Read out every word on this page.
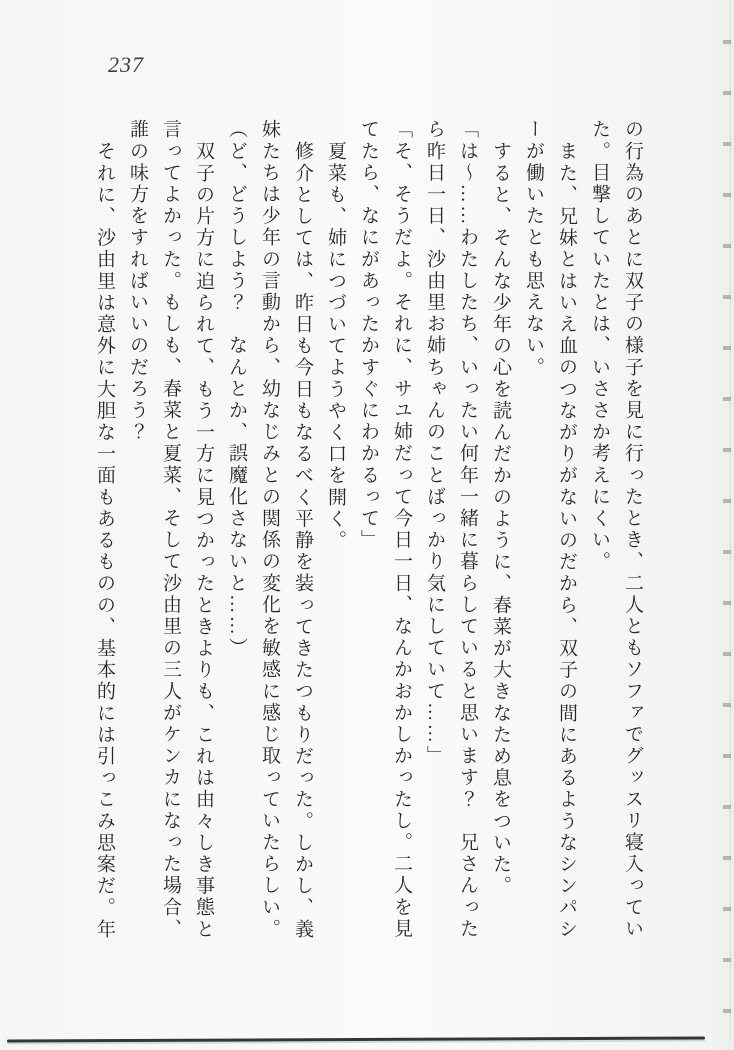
237
の行為のあとに双子の様子を見に行ったとき、二人ともソファでグッスリ寝入ってい
た。目撃していたとは、いささか考えにくい。
また、兄妹とはいえ血のつながりがないのだから、双子の間にあるようなシンパシ
ーが働いたとも思えない。
すると、そんな少年の心を読んだかのように、春菜が大きなため息をついた。
「は〜……わたしたち、いったい何年一緒に暮らしていると思います？　兄さんった
ら昨日一日、沙由里お姉ちゃんのことばっかり気にしていて……」
「そ、そうだよ。それに、サユ姉だって今日一日、なんかおかしかったし。二人を見
てたら、なにがあったかすぐにわかるって」
夏菜も、姉につづいてようやく口を開く。
修介としては、昨日も今日もなるべく平静を装ってきたつもりだった。しかし、義
妹たちは少年の言動から、幼なじみとの関係の変化を敏感に感じ取っていたらしい。
（ど、どうしよう？　なんとか、誤魔化さないと……）
双子の片方に迫られて、もう一方に見つかったときよりも、これは由々しき事態と
言ってよかった。もしも、春菜と夏菜、そして沙由里の三人がケンカになった場合、
誰の味方をすればいいのだろう？
それに、沙由里は意外に大胆な一面もあるものの、基本的には引っこみ思案だ。年
